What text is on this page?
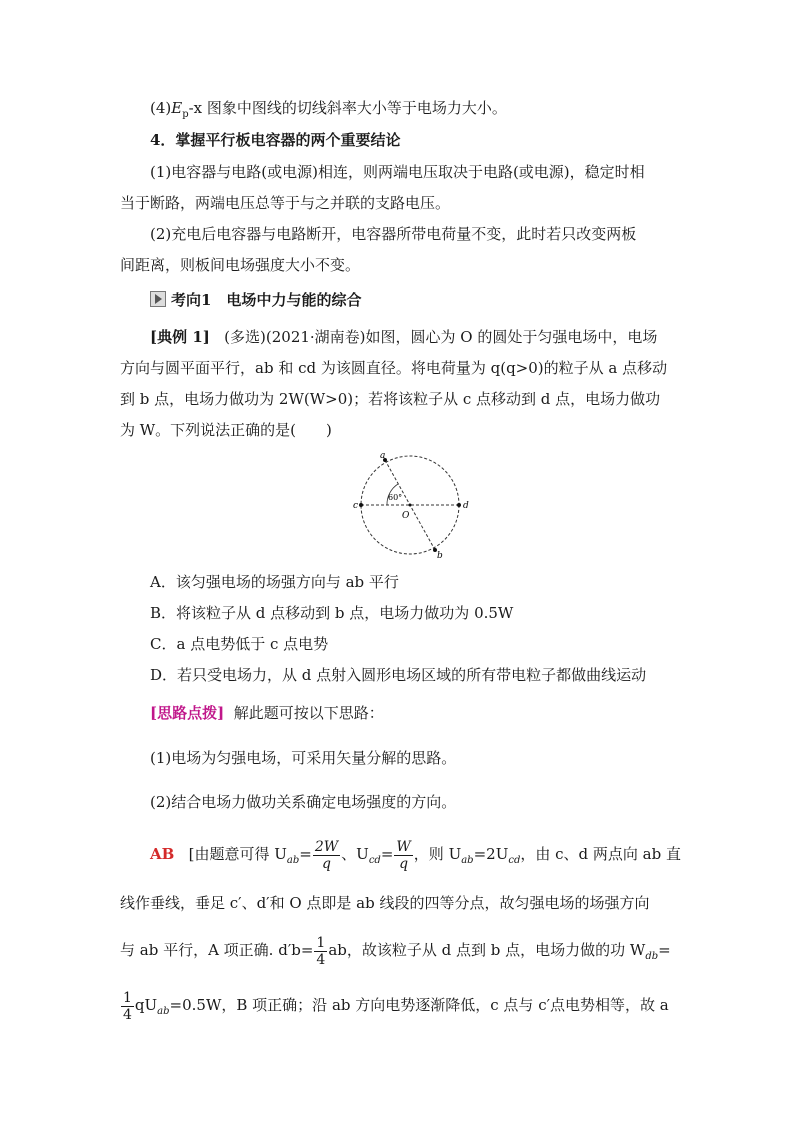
$(4)E_p-x$ 图象中图线的切线斜率大小等于电场力大小。
4．掌握平行板电容器的两个重要结论
(1)电容器与电路(或电源)相连，则两端电压取决于电路(或电源)，稳定时相
当于断路，两端电压总等于与之并联的支路电压。
(2)充电后电容器与电路断开，电容器所带电荷量不变，此时若只改变两板
间距离，则板间电场强度大小不变。
考向1　电场中力与能的综合
[典例 1] (多选)(2021·湖南卷)如图，圆心为 O 的圆处于匀强电场中，电场
方向与圆平面平行，ab 和 cd 为该圆直径。将电荷量为 q(q>0)的粒子从 a 点移动
到 b 点，电场力做功为 2W(W>0)；若将该粒子从 c 点移动到 d 点，电场力做功
为 W。下列说法正确的是(　　)
a
b
c	d
O
60°
A．该匀强电场的场强方向与 ab 平行
B．将该粒子从 d 点移动到 b 点，电场力做功为 0.5W
C．a 点电势低于 c 点电势
D．若只受电场力，从 d 点射入圆形电场区域的所有带电粒子都做曲线运动
[思路点拨] 解此题可按以下思路：
(1)电场为匀强电场，可采用矢量分解的思路。
(2)结合电场力做功关系确定电场强度的方向。
AB [由题意可得 $U_{ab}= \frac{2W}{q}$ 、$U_{cd}= \frac{W}{q}$ ，则 $U_{ab}=2U_{cd}$，由 c、d 两点向 ab 直
线作垂线，垂足 c′、d′和 O 点即是 ab 线段的四等分点，故匀强电场的场强方向
与 ab 平行，A 项正确. $d'b= \frac{1}{4}$ ab，故该粒子从 d 点到 b 点，电场力做的功 $W_{db}=$
$\frac{1}{4} qU_{ab}=0.5W$，B 项正确；沿 ab 方向电势逐渐降低，c 点与 c′点电势相等，故 a
